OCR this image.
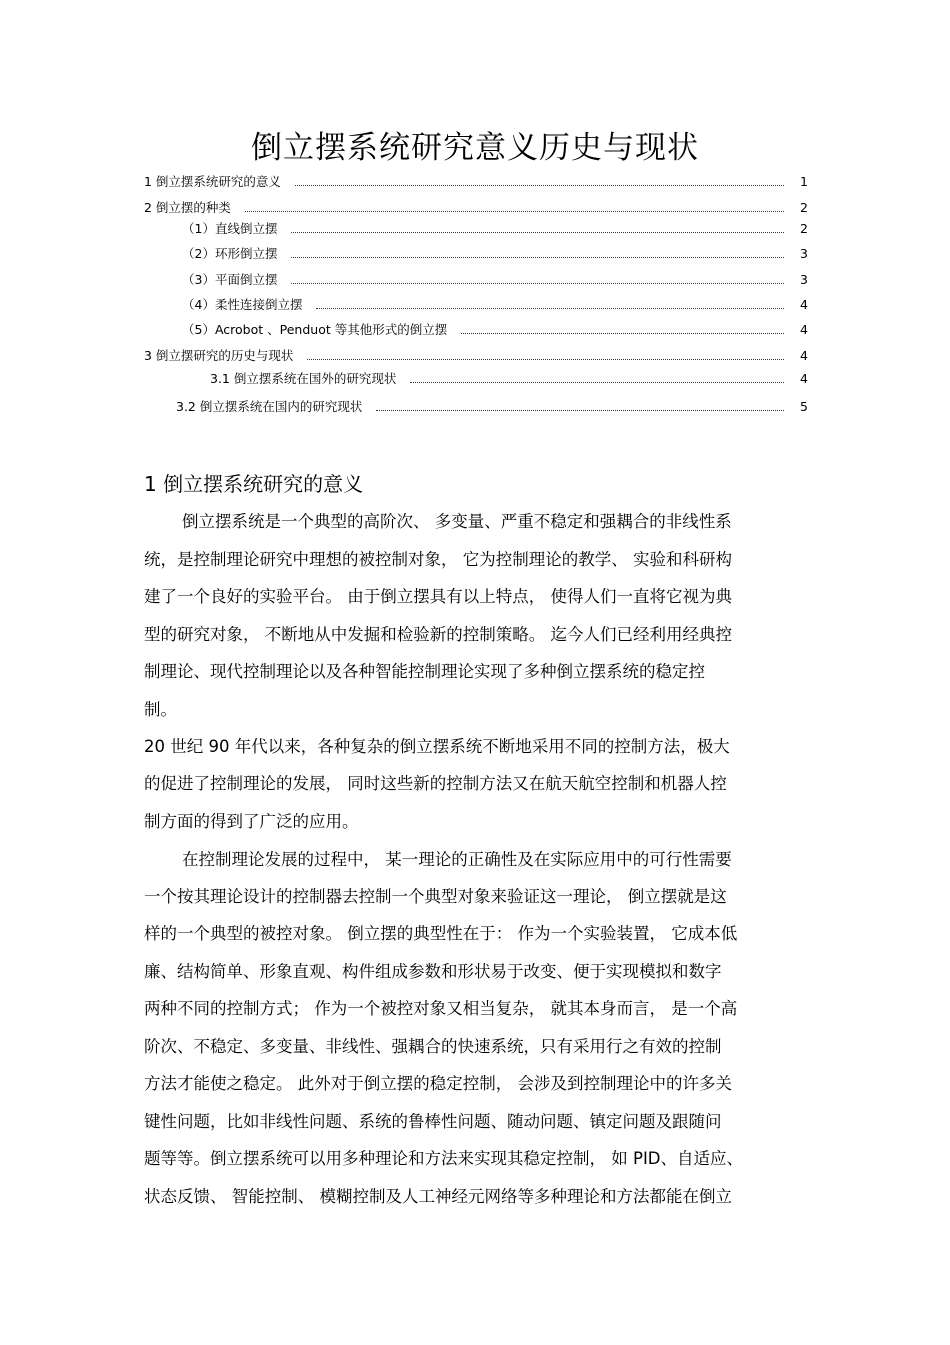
倒立摆系统研究意义历史与现状
1 倒立摆系统研究的意义	1
2 倒立摆的种类	2
（1）直线倒立摆	2
（2）环形倒立摆	3
（3）平面倒立摆	3
（4）柔性连接倒立摆	4
（5）Acrobot 、Penduot 等其他形式的倒立摆	4
3 倒立摆研究的历史与现状	4
3.1 倒立摆系统在国外的研究现状	4
3.2 倒立摆系统在国内的研究现状	5
1 倒立摆系统研究的意义
倒立摆系统是一个典型的高阶次、 多变量、严重不稳定和强耦合的非线性系
统，是控制理论研究中理想的被控制对象， 它为控制理论的教学、 实验和科研构
建了一个良好的实验平台。 由于倒立摆具有以上特点， 使得人们一直将它视为典
型的研究对象， 不断地从中发掘和检验新的控制策略。 迄今人们已经利用经典控
制理论、现代控制理论以及各种智能控制理论实现了多种倒立摆系统的稳定控
制。
20 世纪 90 年代以来，各种复杂的倒立摆系统不断地采用不同的控制方法，极大
的促进了控制理论的发展， 同时这些新的控制方法又在航天航空控制和机器人控
制方面的得到了广泛的应用。
在控制理论发展的过程中， 某一理论的正确性及在实际应用中的可行性需要
一个按其理论设计的控制器去控制一个典型对象来验证这一理论， 倒立摆就是这
样的一个典型的被控对象。 倒立摆的典型性在于： 作为一个实验装置， 它成本低
廉、结构简单、形象直观、构件组成参数和形状易于改变、便于实现模拟和数字
两种不同的控制方式； 作为一个被控对象又相当复杂， 就其本身而言， 是一个高
阶次、不稳定、多变量、非线性、强耦合的快速系统，只有采用行之有效的控制
方法才能使之稳定。 此外对于倒立摆的稳定控制， 会涉及到控制理论中的许多关
键性问题，比如非线性问题、系统的鲁棒性问题、随动问题、镇定问题及跟随问
题等等。倒立摆系统可以用多种理论和方法来实现其稳定控制， 如 PID、自适应、
状态反馈、 智能控制、 模糊控制及人工神经元网络等多种理论和方法都能在倒立
